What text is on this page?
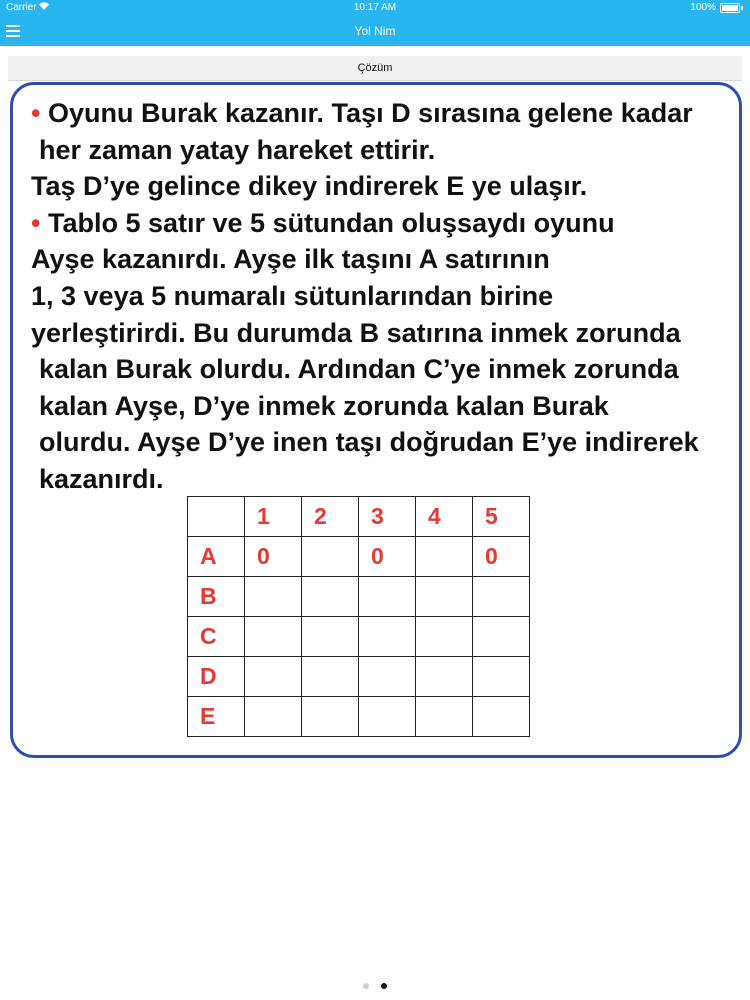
Carrier	10:17 AM	100%
Yol Nim
Çözüm
• Oyunu Burak kazanır. Taşı D sırasına gelene kadar
her zaman yatay hareket ettirir.
Taş D’ye gelince dikey indirerek E ye ulaşır.
• Tablo 5 satır ve 5 sütundan oluşsaydı oyunu
Ayşe kazanırdı. Ayşe ilk taşını A satırının
1, 3 veya 5 numaralı sütunlarından birine
yerleştirirdi. Bu durumda B satırına inmek zorunda
kalan Burak olurdu. Ardından C’ye inmek zorunda
kalan Ayşe, D’ye inmek zorunda kalan Burak
olurdu. Ayşe D’ye inen taşı doğrudan E’ye indirerek
kazanırdı.
	1	2	3	4	5
A	0		0		0
B					
C					
D					
E					
